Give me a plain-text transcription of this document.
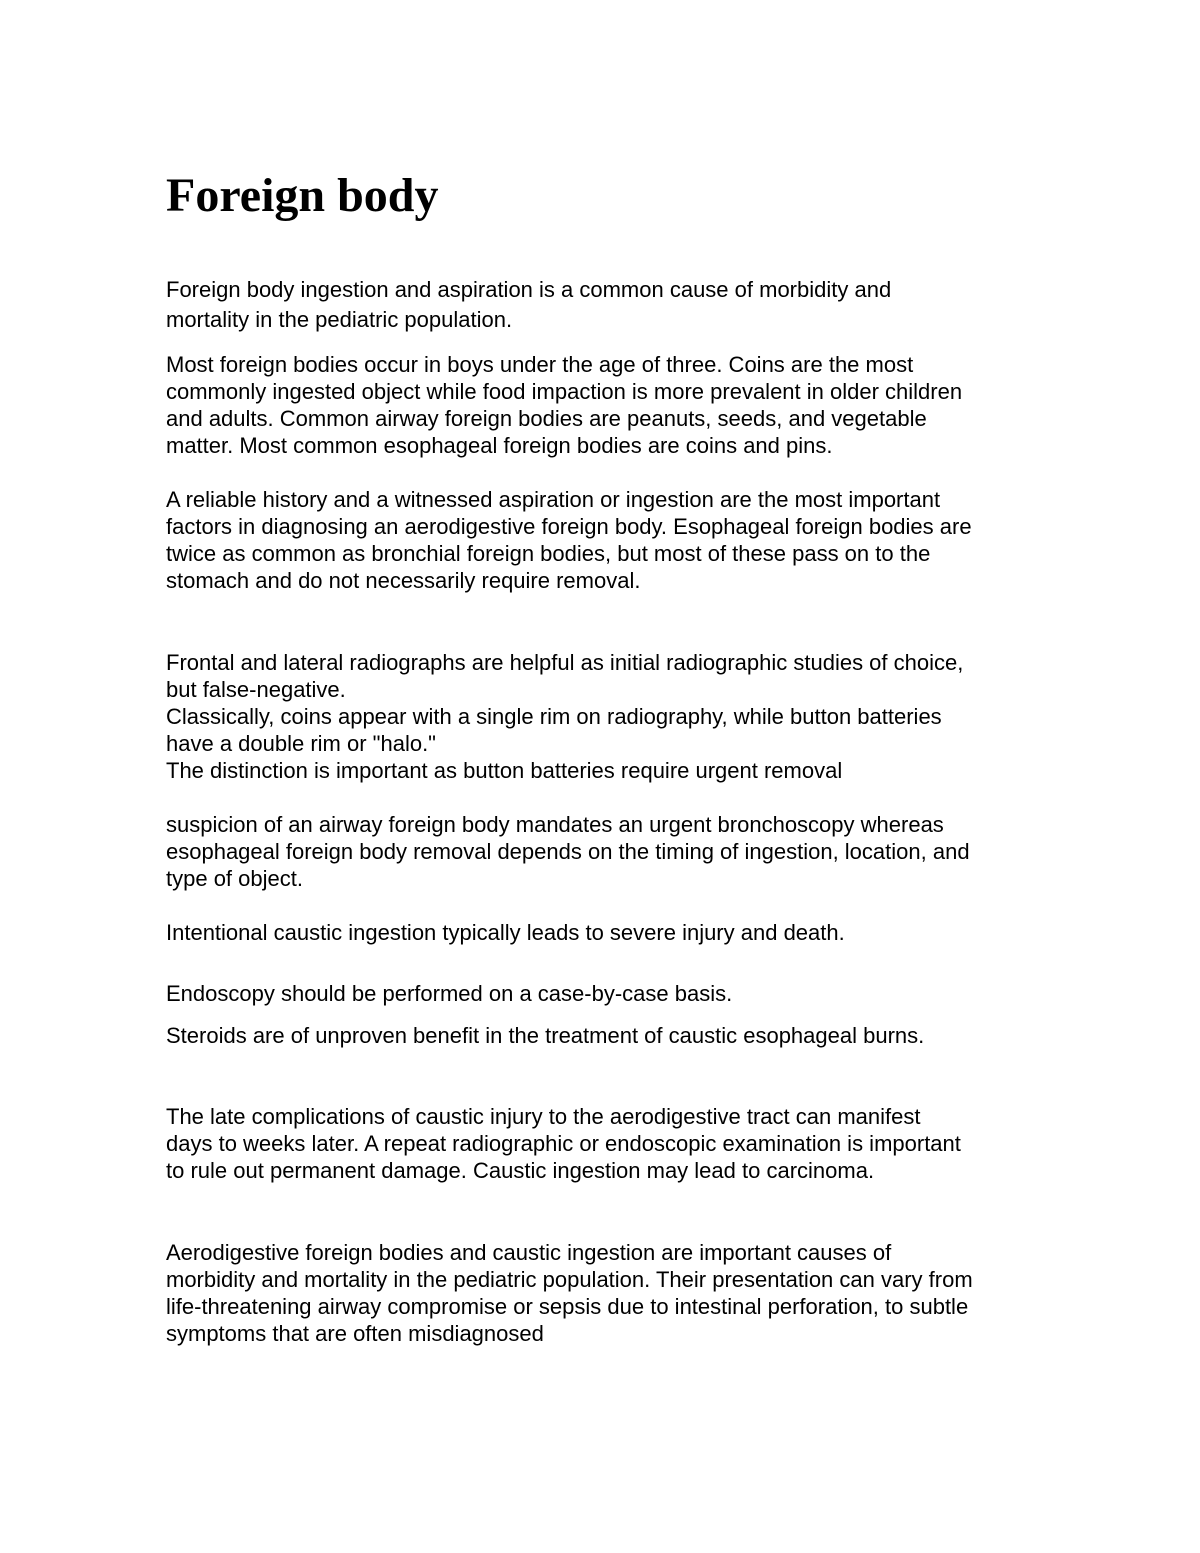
Foreign body

Foreign body ingestion and aspiration is a common cause of morbidity and

mortality in the pediatric population.

Most foreign bodies occur in boys under the age of three. Coins are the most

commonly ingested object while food impaction is more prevalent in older children

and adults. Common airway foreign bodies are peanuts, seeds, and vegetable

matter. Most common esophageal foreign bodies are coins and pins.

A reliable history and a witnessed aspiration or ingestion are the most important

factors in diagnosing an aerodigestive foreign body. Esophageal foreign bodies are

twice as common as bronchial foreign bodies, but most of these pass on to the

stomach and do not necessarily require removal.

Frontal and lateral radiographs are helpful as initial radiographic studies of choice,

but false-negative.

Classically, coins appear with a single rim on radiography, while button batteries

have a double rim or "halo."

The distinction is important as button batteries require urgent removal

suspicion of an airway foreign body mandates an urgent bronchoscopy whereas

esophageal foreign body removal depends on the timing of ingestion, location, and

type of object.

Intentional caustic ingestion typically leads to severe injury and death.

Endoscopy should be performed on a case-by-case basis.

Steroids are of unproven benefit in the treatment of caustic esophageal burns.

The late complications of caustic injury to the aerodigestive tract can manifest

days to weeks later. A repeat radiographic or endoscopic examination is important

to rule out permanent damage. Caustic ingestion may lead to carcinoma.

Aerodigestive foreign bodies and caustic ingestion are important causes of

morbidity and mortality in the pediatric population. Their presentation can vary from

life-threatening airway compromise or sepsis due to intestinal perforation, to subtle

symptoms that are often misdiagnosed
